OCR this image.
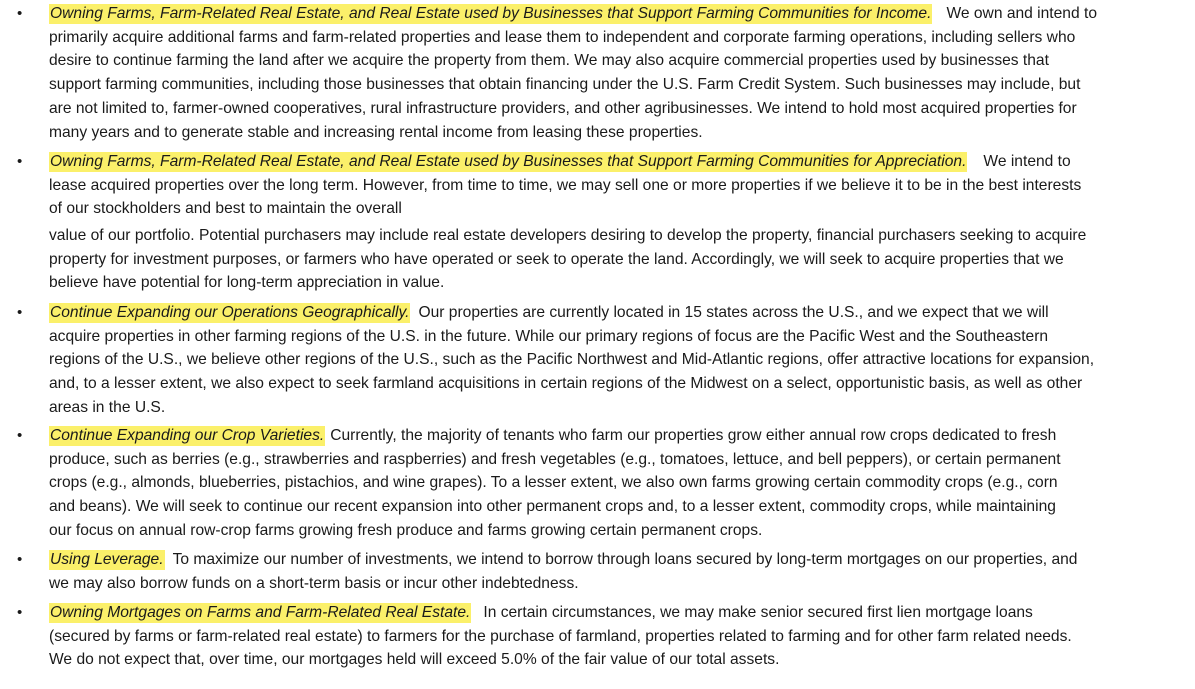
• Owning Farms, Farm-Related Real Estate, and Real Estate used by Businesses that Support Farming Communities for Income. We own and intend to primarily acquire additional farms and farm-related properties and lease them to independent and corporate farming operations, including sellers who desire to continue farming the land after we acquire the property from them. We may also acquire commercial properties used by businesses that support farming communities, including those businesses that obtain financing under the U.S. Farm Credit System. Such businesses may include, but are not limited to, farmer-owned cooperatives, rural infrastructure providers, and other agribusinesses. We intend to hold most acquired properties for many years and to generate stable and increasing rental income from leasing these properties.

• Owning Farms, Farm-Related Real Estate, and Real Estate used by Businesses that Support Farming Communities for Appreciation. We intend to lease acquired properties over the long term. However, from time to time, we may sell one or more properties if we believe it to be in the best interests of our stockholders and best to maintain the overall

value of our portfolio. Potential purchasers may include real estate developers desiring to develop the property, financial purchasers seeking to acquire property for investment purposes, or farmers who have operated or seek to operate the land. Accordingly, we will seek to acquire properties that we believe have potential for long-term appreciation in value.

• Continue Expanding our Operations Geographically. Our properties are currently located in 15 states across the U.S., and we expect that we will acquire properties in other farming regions of the U.S. in the future. While our primary regions of focus are the Pacific West and the Southeastern regions of the U.S., we believe other regions of the U.S., such as the Pacific Northwest and Mid-Atlantic regions, offer attractive locations for expansion, and, to a lesser extent, we also expect to seek farmland acquisitions in certain regions of the Midwest on a select, opportunistic basis, as well as other areas in the U.S.

• Continue Expanding our Crop Varieties. Currently, the majority of tenants who farm our properties grow either annual row crops dedicated to fresh produce, such as berries (e.g., strawberries and raspberries) and fresh vegetables (e.g., tomatoes, lettuce, and bell peppers), or certain permanent crops (e.g., almonds, blueberries, pistachios, and wine grapes). To a lesser extent, we also own farms growing certain commodity crops (e.g., corn and beans). We will seek to continue our recent expansion into other permanent crops and, to a lesser extent, commodity crops, while maintaining our focus on annual row-crop farms growing fresh produce and farms growing certain permanent crops.

• Using Leverage. To maximize our number of investments, we intend to borrow through loans secured by long-term mortgages on our properties, and we may also borrow funds on a short-term basis or incur other indebtedness.

• Owning Mortgages on Farms and Farm-Related Real Estate. In certain circumstances, we may make senior secured first lien mortgage loans (secured by farms or farm-related real estate) to farmers for the purchase of farmland, properties related to farming and for other farm related needs. We do not expect that, over time, our mortgages held will exceed 5.0% of the fair value of our total assets.
